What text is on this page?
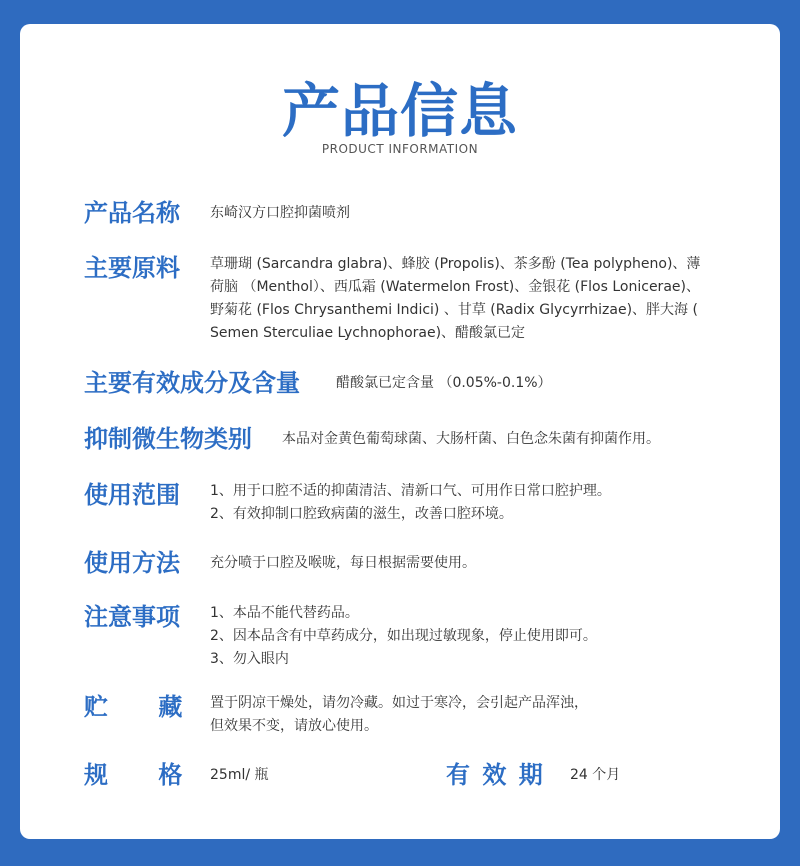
产品信息
PRODUCT INFORMATION
产品名称 东崎汉方口腔抑菌喷剂
主要原料 草珊瑚 (Sarcandra glabra)、蜂胶 (Propolis)、茶多酚 (Tea polypheno)、薄
荷脑 （Menthol）、西瓜霜 (Watermelon Frost)、金银花 (Flos Lonicerae)、
野菊花 (Flos Chrysanthemi Indici) 、甘草 (Radix Glycyrrhizae)、胖大海 (
Semen Sterculiae Lychnophorae)、醋酸氯已定
主要有效成分及含量	醋酸氯已定含量 （0.05%-0.1%）
抑制微生物类别 本品对金黄色葡萄球菌、大肠杆菌、白色念朱菌有抑菌作用。
使用范围 1、用于口腔不适的抑菌清洁、清新口气、可用作日常口腔护理。
2、有效抑制口腔致病菌的滋生，改善口腔环境。
使用方法 充分喷于口腔及喉咙，每日根据需要使用。
注意事项 1、本品不能代替药品。
2、因本品含有中草药成分，如出现过敏现象，停止使用即可。
3、勿入眼内
贮　 藏 置于阴凉干燥处，请勿冷藏。如过于寒冷，会引起产品浑浊，
但效果不变，请放心使用。
规　 格 25ml/ 瓶	有 效 期 24 个月
